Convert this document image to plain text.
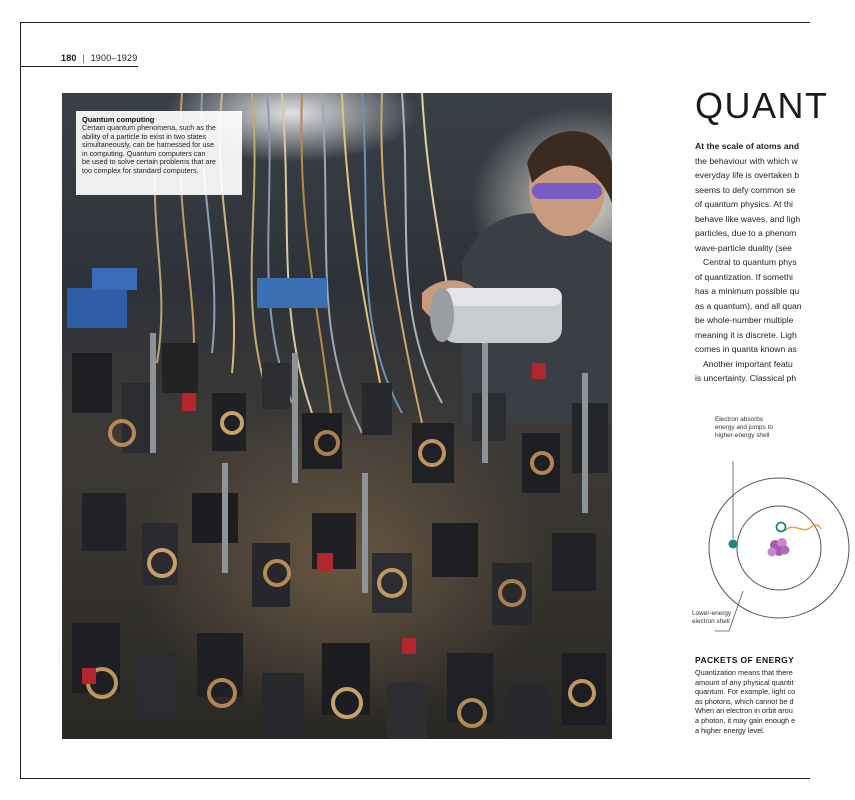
180 | 1900–1929
Quantum computing
Certain quantum phenomena, such as the
ability of a particle to exist in two states
simultaneously, can be harnessed for use
in computing. Quantum computers can
be used to solve certain problems that are
too complex for standard computers.
QUANT

At the scale of atoms and

the behaviour with which w

everyday life is overtaken b

seems to defy common se

of quantum physics. At thi

behave like waves, and ligh

particles, due to a phenom

wave-particle duality (see

Central to quantum phys

of quantization. If somethi

has a minimum possible qu

as a quantum), and all quan

be whole-number multiple

meaning it is discrete. Ligh

comes in quanta known as

Another important featu

is uncertainty. Classical ph

Electron absorbs
energy and jumps to
higher-energy shell
Lower-energy
electron shell
PACKETS OF ENERGY
Quantization means that there
amount of any physical quantit
quantum. For example, light co
as photons, which cannot be d
When an electron in orbit arou
a photon, it may gain enough e
a higher energy level.
